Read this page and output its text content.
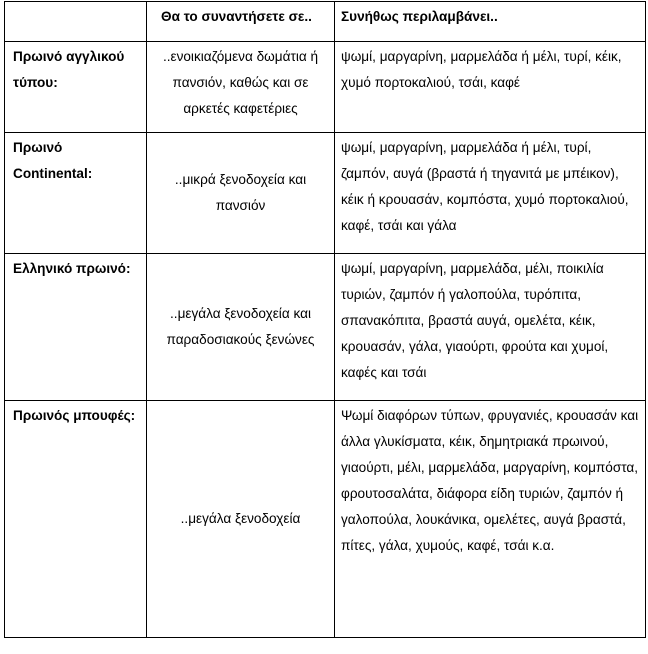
	Θα το συναντήσετε σε..	Συνήθως περιλαμβάνει..
Πρωινό αγγλικού τύπου:	..ενοικιαζόμενα δωμάτια ή πανσιόν, καθώς και σε αρκετές καφετέριες	ψωμί, μαργαρίνη, μαρμελάδα ή μέλι, τυρί, κέικ, χυμό πορτοκαλιού, τσάι, καφέ
Πρωινό Continental:	..μικρά ξενοδοχεία και πανσιόν	ψωμί, μαργαρίνη, μαρμελάδα ή μέλι, τυρί, ζαμπόν, αυγά (βραστά ή τηγανιτά με μπέικον), κέικ ή κρουασάν, κομπόστα, χυμό πορτοκαλιού, καφέ, τσάι και γάλα
Ελληνικό πρωινό:	..μεγάλα ξενοδοχεία και παραδοσιακούς ξενώνες	ψωμί, μαργαρίνη, μαρμελάδα, μέλι, ποικιλία τυριών, ζαμπόν ή γαλοπούλα, τυρόπιτα, σπανακόπιτα, βραστά αυγά, ομελέτα, κέικ, κρουασάν, γάλα, γιαούρτι, φρούτα και χυμοί, καφές και τσάι
Πρωινός μπουφές:	..μεγάλα ξενοδοχεία	Ψωμί διαφόρων τύπων, φρυγανιές, κρουασάν και άλλα γλυκίσματα, κέικ, δημητριακά πρωινού, γιαούρτι, μέλι, μαρμελάδα, μαργαρίνη, κομπόστα, φρουτοσαλάτα, διάφορα είδη τυριών, ζαμπόν ή γαλοπούλα, λουκάνικα, ομελέτες, αυγά βραστά, πίτες, γάλα, χυμούς, καφέ, τσάι κ.α.
